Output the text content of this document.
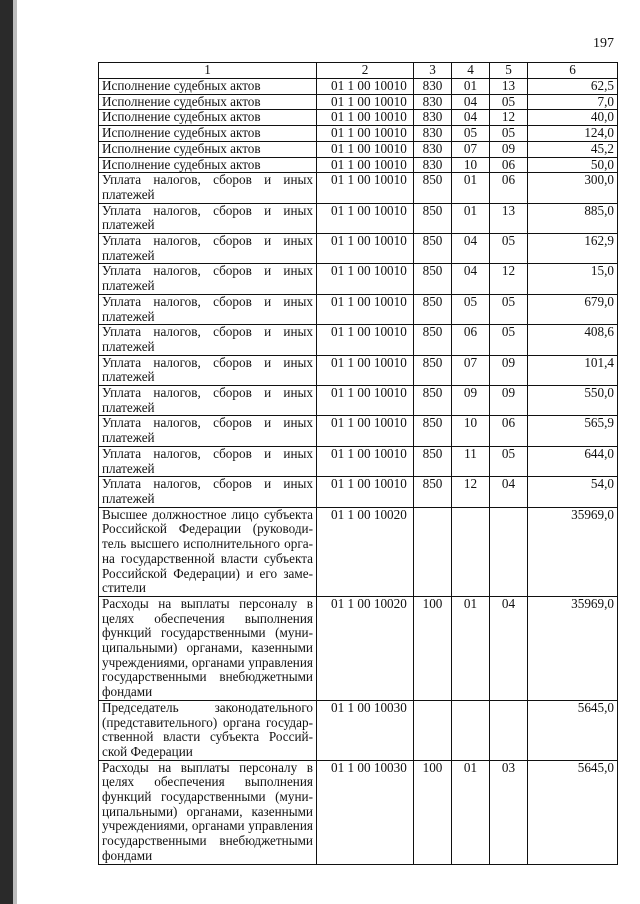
197
1	2	3	4	5	6
Исполнение судебных актов	01 1 00 10010	830	01	13	62,5
Исполнение судебных актов	01 1 00 10010	830	04	05	7,0
Исполнение судебных актов	01 1 00 10010	830	04	12	40,0
Исполнение судебных актов	01 1 00 10010	830	05	05	124,0
Исполнение судебных актов	01 1 00 10010	830	07	09	45,2
Исполнение судебных актов	01 1 00 10010	830	10	06	50,0
Уплата налогов, сборов и иных платежей	01 1 00 10010	850	01	06	300,0
Уплата налогов, сборов и иных платежей	01 1 00 10010	850	01	13	885,0
Уплата налогов, сборов и иных платежей	01 1 00 10010	850	04	05	162,9
Уплата налогов, сборов и иных платежей	01 1 00 10010	850	04	12	15,0
Уплата налогов, сборов и иных платежей	01 1 00 10010	850	05	05	679,0
Уплата налогов, сборов и иных платежей	01 1 00 10010	850	06	05	408,6
Уплата налогов, сборов и иных платежей	01 1 00 10010	850	07	09	101,4
Уплата налогов, сборов и иных платежей	01 1 00 10010	850	09	09	550,0
Уплата налогов, сборов и иных платежей	01 1 00 10010	850	10	06	565,9
Уплата налогов, сборов и иных платежей	01 1 00 10010	850	11	05	644,0
Уплата налогов, сборов и иных платежей	01 1 00 10010	850	12	04	54,0
Высшее должностное лицо субъекта Российской Федерации (руководитель высшего исполнительного органа государственной власти субъекта Российской Федерации) и его заместители	01 1 00 10020				35969,0
Расходы на выплаты персоналу в целях обеспечения выполнения функций государственными (муниципальными) органами, казенными учреждениями, органами управления государственными внебюджетными фондами	01 1 00 10020	100	01	04	35969,0
Председатель законодательного (представительного) органа государственной власти субъекта Российской Федерации	01 1 00 10030				5645,0
Расходы на выплаты персоналу в целях обеспечения выполнения функций государственными (муниципальными) органами, казенными учреждениями, органами управления государственными внебюджетными фондами	01 1 00 10030	100	01	03	5645,0
